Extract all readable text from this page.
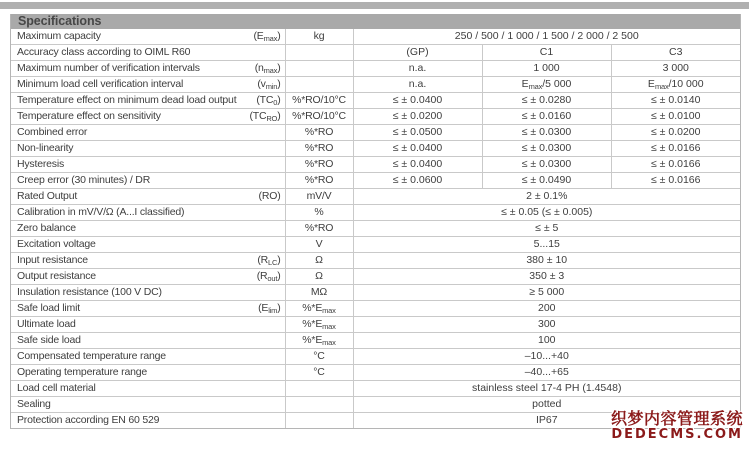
Specifications
Maximum capacity	$(E_{max})$	kg	250 / 500 / 1 000 / 1 500 / 2 000 / 2 500		
Accuracy class according to OIML R60			(GP)	C1	C3
Maximum number of verification intervals	$(n_{max})$		n.a.	1 000	3 000
Minimum load cell verification interval	$(v_{min})$		n.a.	$E_{max}/5$ 000	$E_{max}/10$ 000
Temperature effect on minimum dead load output	$(TC_0)$	%*RO/10°C	≤ ± 0.0400	≤ ± 0.0280	≤ ± 0.0140
Temperature effect on sensitivity	$(TC_{RO})$	%*RO/10°C	≤ ± 0.0200	≤ ± 0.0160	≤ ± 0.0100
Combined error		%*RO	≤ ± 0.0500	≤ ± 0.0300	≤ ± 0.0200
Non-linearity		%*RO	≤ ± 0.0400	≤ ± 0.0300	≤ ± 0.0166
Hysteresis		%*RO	≤ ± 0.0400	≤ ± 0.0300	≤ ± 0.0166
Creep error (30 minutes) / DR		%*RO	≤ ± 0.0600	≤ ± 0.0490	≤ ± 0.0166
Rated Output	(RO)	mV/V	2 ± 0.1%		
Calibration in mV/V/Ω (A...I classified)		%	≤ ± 0.05 (≤ ± 0.005)		
Zero balance		%*RO	≤ ± 5		
Excitation voltage		V	5...15		
Input resistance	$(R_{LC})$	Ω	380 ± 10		
Output resistance	$(R_{out})$	Ω	350 ± 3		
Insulation resistance (100 V DC)		MΩ	≥ 5 000		
Safe load limit	$(E_{lim})$	$\%*E_{max}$	200		
Ultimate load		$\%*E_{max}$	300		
Safe side load		$\%*E_{max}$	100		
Compensated temperature range		°C	–10...+40		
Operating temperature range		°C	–40...+65		
Load cell material			stainless steel 17-4 PH (1.4548)		
Sealing			potted		
Protection according EN 60 529			IP67			织梦内容管理系统
DEDECMS.COM
